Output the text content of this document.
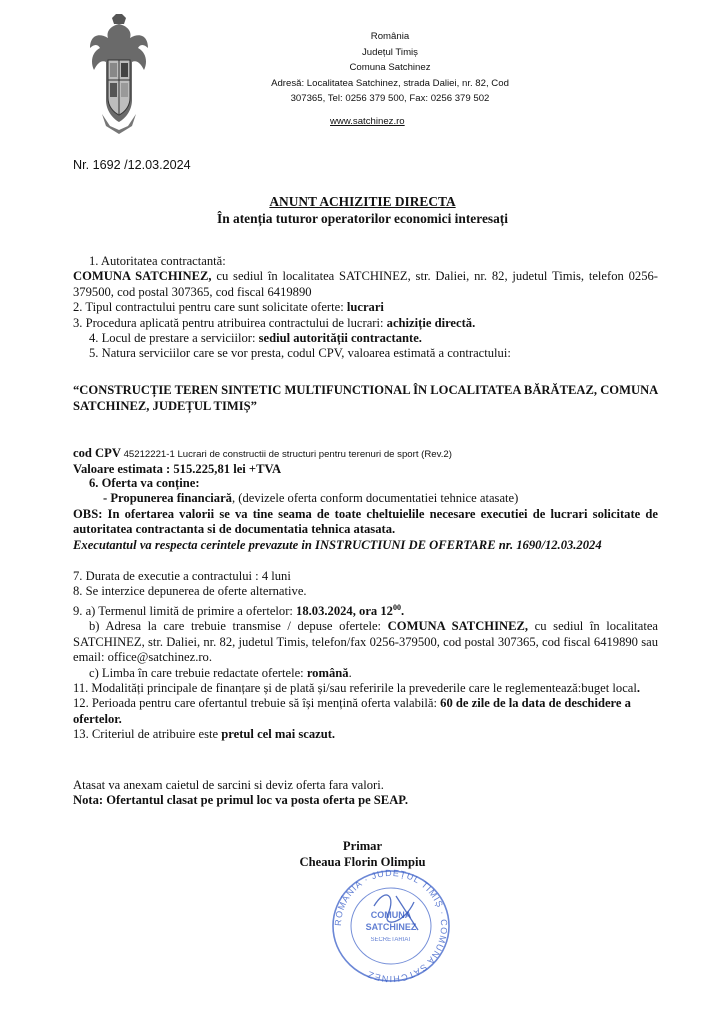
România
Județul Timiș
Comuna Satchinez
Adresă: Localitatea Satchinez, strada Daliei, nr. 82, Cod
307365, Tel: 0256 379 500, Fax: 0256 379 502
www.satchinez.ro
Nr. 1692 /12.03.2024
ANUNT ACHIZITIE DIRECTA
În atenția tuturor operatorilor economici interesați

1. Autoritatea contractantă:

COMUNA SATCHINEZ, cu sediul în localitatea SATCHINEZ, str. Daliei, nr. 82, judetul Timis, telefon 0256-379500, cod postal 307365, cod fiscal 6419890

2. Tipul contractului pentru care sunt solicitate oferte: lucrari

3. Procedura aplicată pentru atribuirea contractului de lucrari: achiziție directă.

4. Locul de prestare a serviciilor: sediul autorității contractante.

5. Natura serviciilor care se vor presta, codul CPV, valoarea estimată a contractului:

“CONSTRUCȚIE TEREN SINTETIC MULTIFUNCTIONAL ÎN LOCALITATEA BĂRĂTEAZ, COMUNA SATCHINEZ, JUDEȚUL TIMIȘ”

cod CPV 45212221-1 Lucrari de constructii de structuri pentru terenuri de sport (Rev.2)

Valoare estimata : 515.225,81 lei +TVA

6. Oferta va conține:

- Propunerea financiară, (devizele oferta conform documentatiei tehnice atasate)

OBS: In ofertarea valorii se va tine seama de toate cheltuielile necesare executiei de lucrari solicitate de autoritatea contractanta si de documentatia tehnica atasata.

Executantul va respecta cerintele prevazute in INSTRUCTIUNI DE OFERTARE nr. 1690/12.03.2024

7. Durata de executie a contractului : 4 luni

8. Se interzice depunerea de oferte alternative.

9. a) Termenul limită de primire a ofertelor: 18.03.2024, ora $12^{00}$.

b) Adresa la care trebuie transmise / depuse ofertele: COMUNA SATCHINEZ, cu sediul în localitatea SATCHINEZ, str. Daliei, nr. 82, judetul Timis, telefon/fax 0256-379500, cod postal 307365, cod fiscal 6419890 sau email: office@satchinez.ro.

c) Limba în care trebuie redactate ofertele: română.

11. Modalități principale de finanțare și de plată și/sau referirile la prevederile care le reglementează:buget local.

12. Perioada pentru care ofertantul trebuie să își mențină oferta valabilă: 60 de zile de la data de deschidere a ofertelor.

13. Criteriul de atribuire este pretul cel mai scazut.

Atasat va anexam caietul de sarcini si deviz oferta fara valori.

Nota: Ofertantul clasat pe primul loc va posta oferta pe SEAP.

Primar
Cheaua Florin Olimpiu
ROMÂNIA · JUDEȚUL TIMIȘ · COMUNA SATCHINEZ
COMUNA
SATCHINEZ
SECRETARIAT
